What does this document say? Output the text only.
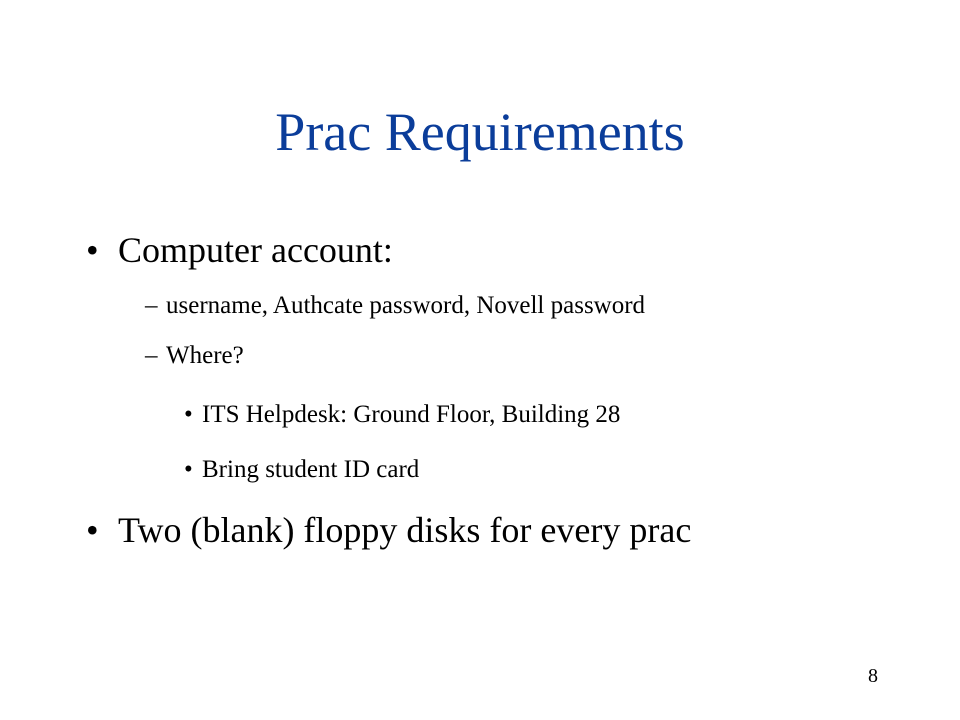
Prac Requirements
• Computer account:
– username, Authcate password, Novell password
– Where?
• ITS Helpdesk: Ground Floor, Building 28
• Bring student ID card
• Two (blank) floppy disks for every prac
8
